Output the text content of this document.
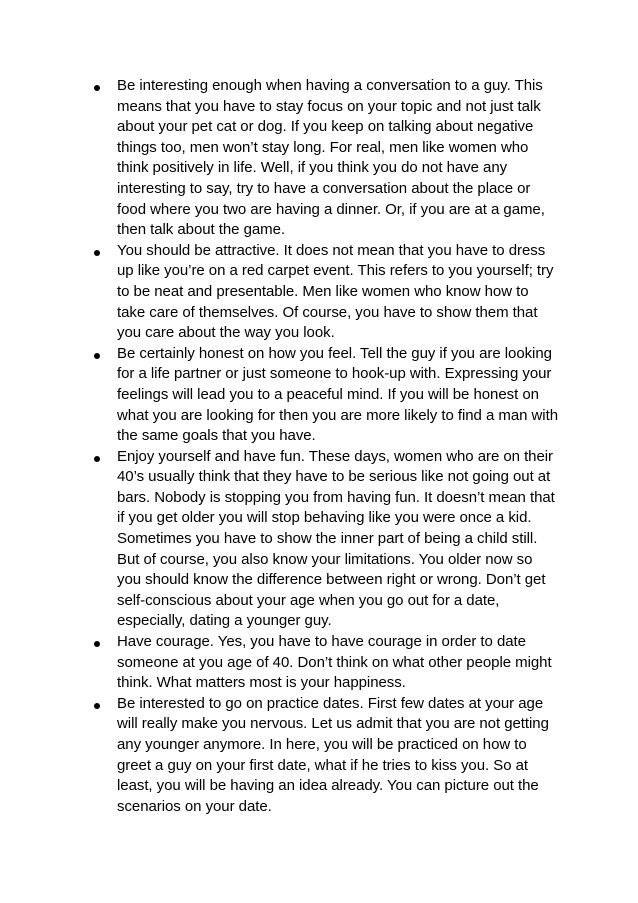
Be interesting enough when having a conversation to a guy. This
means that you have to stay focus on your topic and not just talk
about your pet cat or dog. If you keep on talking about negative
things too, men won’t stay long. For real, men like women who
think positively in life. Well, if you think you do not have any
interesting to say, try to have a conversation about the place or
food where you two are having a dinner. Or, if you are at a game,
then talk about the game.
You should be attractive. It does not mean that you have to dress
up like you’re on a red carpet event. This refers to you yourself; try
to be neat and presentable. Men like women who know how to
take care of themselves. Of course, you have to show them that
you care about the way you look.
Be certainly honest on how you feel. Tell the guy if you are looking
for a life partner or just someone to hook-up with. Expressing your
feelings will lead you to a peaceful mind. If you will be honest on
what you are looking for then you are more likely to find a man with
the same goals that you have.
Enjoy yourself and have fun. These days, women who are on their
40’s usually think that they have to be serious like not going out at
bars. Nobody is stopping you from having fun. It doesn’t mean that
if you get older you will stop behaving like you were once a kid.
Sometimes you have to show the inner part of being a child still.
But of course, you also know your limitations. You older now so
you should know the difference between right or wrong. Don’t get
self-conscious about your age when you go out for a date,
especially, dating a younger guy.
Have courage. Yes, you have to have courage in order to date
someone at you age of 40. Don’t think on what other people might
think. What matters most is your happiness.
Be interested to go on practice dates. First few dates at your age
will really make you nervous. Let us admit that you are not getting
any younger anymore. In here, you will be practiced on how to
greet a guy on your first date, what if he tries to kiss you. So at
least, you will be having an idea already. You can picture out the
scenarios on your date.
